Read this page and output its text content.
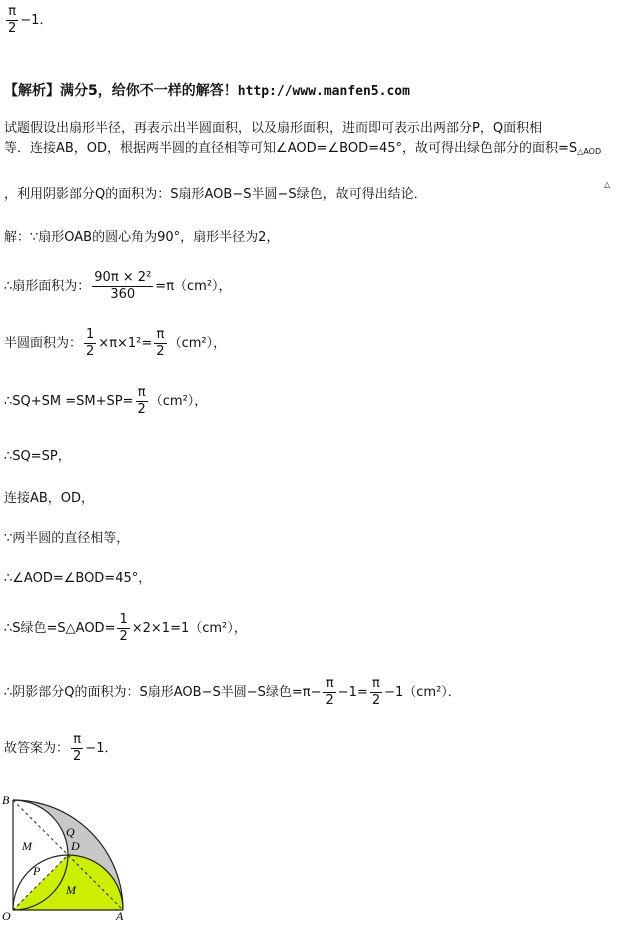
$\frac{\pi}{2} -1$．
【解析】满分5，给你不一样的解答！http://www.manfen5.com
试题假设出扇形半径，再表示出半圆面积，以及扇形面积，进而即可表示出两部分P，Q面积相
等．连接AB，OD，根据两半圆的直径相等可知∠AOD=∠BOD=45°，故可得出绿色部分的面积$=S_{\triangle AOD}$
，利用阴影部分Q的面积为：S扇形AOB−S半圆−S绿色，故可得出结论．
△
解：∵扇形OAB的圆心角为90°，扇形半径为2，
∴扇形面积为： $\frac{\text{90π × 2²}}{360} =\pi(cm^2)$，
半圆面积为： $\frac{1}{2} \times\pi\times 1^2= \frac{\pi}{2} (cm^2)$，
∴SQ+SM $=SM+SP= \frac{\pi}{2} (cm^2)$，
∴SQ=SP，
连接AB，OD，
∵两半圆的直径相等，
∴∠AOD=∠BOD=45°，
∴S绿色=S△AOD= $\frac{1}{2} \times 2\times 1=1(cm^2)$，
∴阴影部分Q的面积为：S扇形AOB−S半圆−S绿色$=\pi- \frac{\pi}{2} -1= \frac{\pi}{2} -1(cm^2)$．
故答案为： $\frac{\pi}{2} -1$．
B
O	A
Q
D
M
P
M
